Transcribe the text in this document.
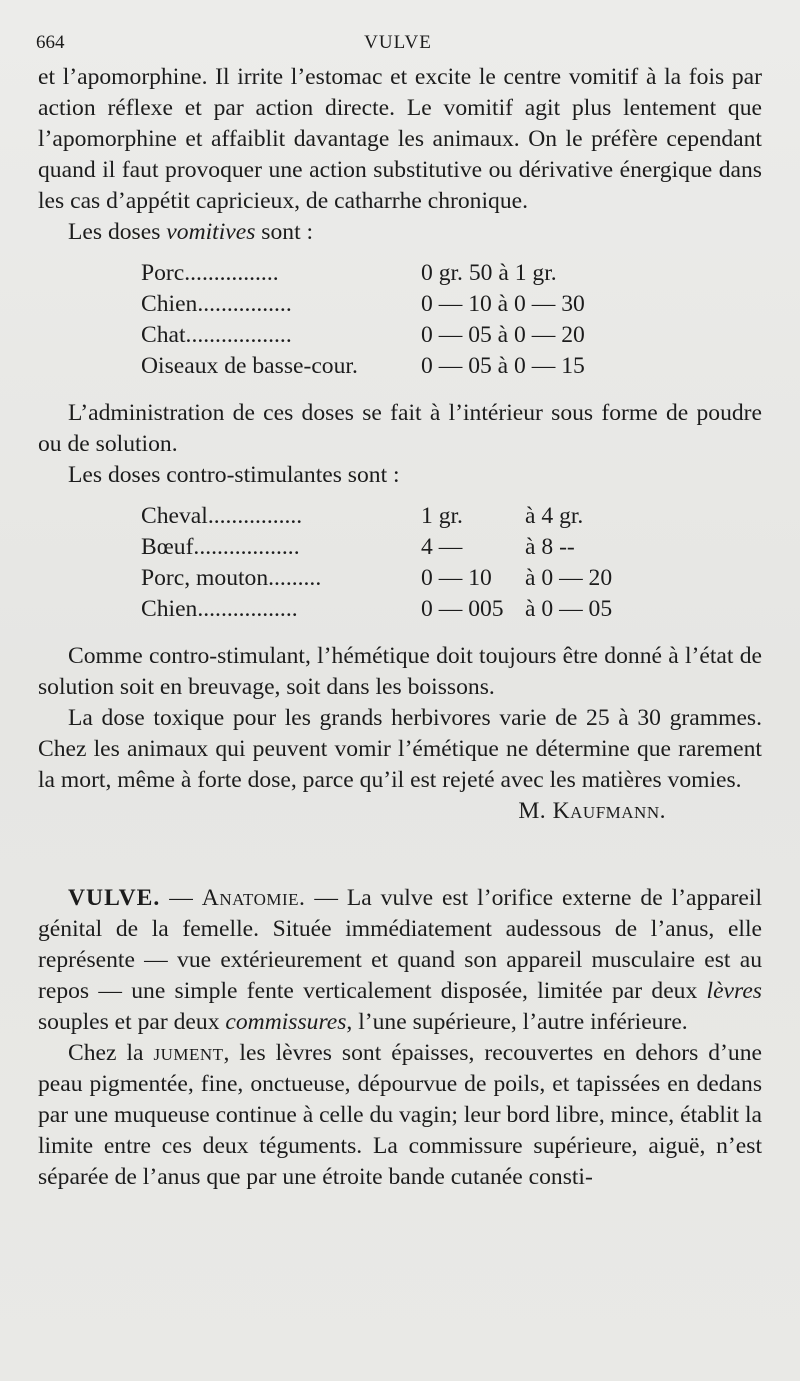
664	VULVE

et l’apomorphine. Il irrite l’estomac et excite le centre vomitif à la fois par action réflexe et par action directe. Le vomitif agit plus lentement que l’apomorphine et affaiblit davantage les animaux. On le préfère cependant quand il faut provoquer une action substitutive ou dérivative énergique dans les cas d’appétit capricieux, de catharrhe chronique.

Les doses vomitives sont :

Porc................	0 gr. 50 à 1 gr.
Chien................	0 — 10 à 0 — 30
Chat..................	0 — 05 à 0 — 20
Oiseaux de basse-cour.	0 — 05 à 0 — 15

L’administration de ces doses se fait à l’intérieur sous forme de poudre ou de solution.

Les doses contro-stimulantes sont :

Cheval................	1 gr.	à 4 gr.
Bœuf..................	4 —	à 8 --
Porc, mouton.........	0 — 10	à 0 — 20
Chien.................	0 — 005	à 0 — 05

Comme contro-stimulant, l’hémétique doit toujours être donné à l’état de solution soit en breuvage, soit dans les boissons.

La dose toxique pour les grands herbivores varie de 25 à 30 grammes. Chez les animaux qui peuvent vomir l’émétique ne détermine que rarement la mort, même à forte dose, parce qu’il est rejeté avec les matières vomies.

M. Kaufmann.

VULVE. — Anatomie. — La vulve est l’orifice externe de l’appareil génital de la femelle. Située immédiatement audessous de l’anus, elle représente — vue extérieurement et quand son appareil musculaire est au repos — une simple fente verticalement disposée, limitée par deux lèvres souples et par deux commissures, l’une supérieure, l’autre inférieure.

Chez la jument, les lèvres sont épaisses, recouvertes en dehors d’une peau pigmentée, fine, onctueuse, dépourvue de poils, et tapissées en dedans par une muqueuse continue à celle du vagin; leur bord libre, mince, établit la limite entre ces deux téguments. La commissure supérieure, aiguë, n’est séparée de l’anus que par une étroite bande cutanée consti-
